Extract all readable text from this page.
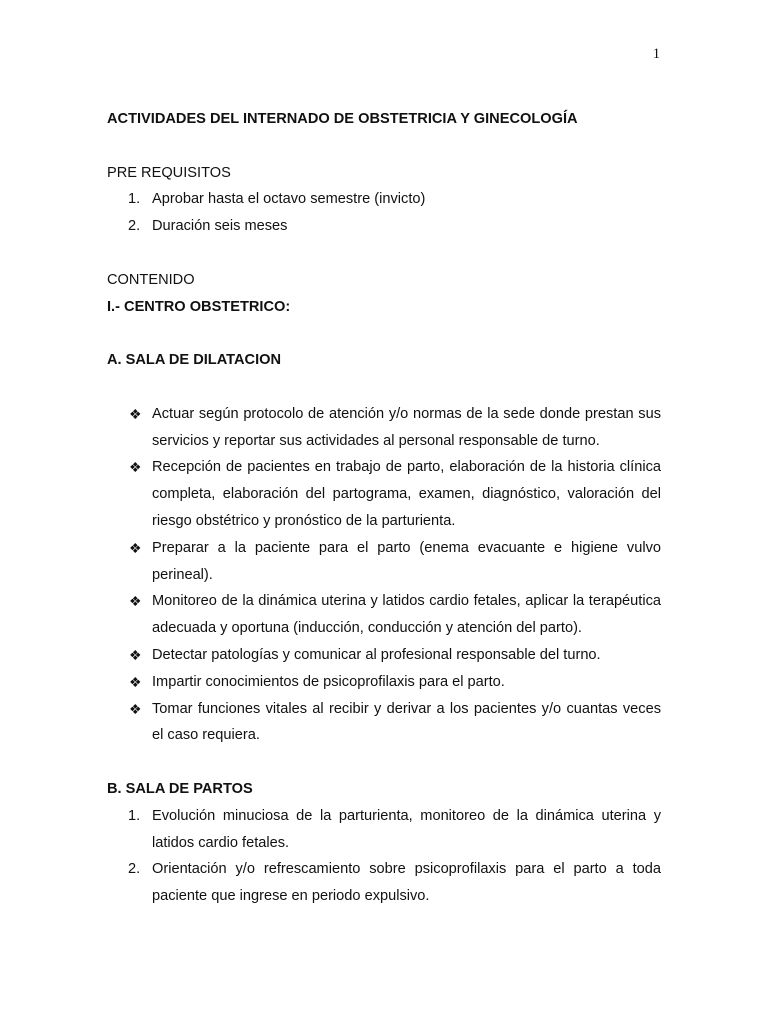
1

ACTIVIDADES DEL INTERNADO DE OBSTETRICIA Y GINECOLOGÍA

PRE REQUISITOS

1. Aprobar hasta el octavo semestre (invicto)
2. Duración seis meses

CONTENIDO

I.- CENTRO OBSTETRICO:

A. SALA DE DILATACION

❖ Actuar según protocolo de atención y/o normas de la sede donde prestan sus servicios y reportar sus actividades al personal responsable de turno.
❖ Recepción de pacientes en trabajo de parto, elaboración de la historia clínica completa, elaboración del partograma, examen, diagnóstico, valoración del riesgo obstétrico y pronóstico de la parturienta.
❖ Preparar a la paciente para el parto (enema evacuante e higiene vulvo perineal).
❖ Monitoreo de la dinámica uterina y latidos cardio fetales, aplicar la terapéutica adecuada y oportuna (inducción, conducción y atención del parto).
❖ Detectar patologías y comunicar al profesional responsable del turno.
❖ Impartir conocimientos de psicoprofilaxis para el parto.
❖ Tomar funciones vitales al recibir y derivar a los pacientes y/o cuantas veces el caso requiera.

B. SALA DE PARTOS

1. Evolución minuciosa de la parturienta, monitoreo de la dinámica uterina y latidos cardio fetales.
2. Orientación y/o refrescamiento sobre psicoprofilaxis para el parto a toda paciente que ingrese en periodo expulsivo.
